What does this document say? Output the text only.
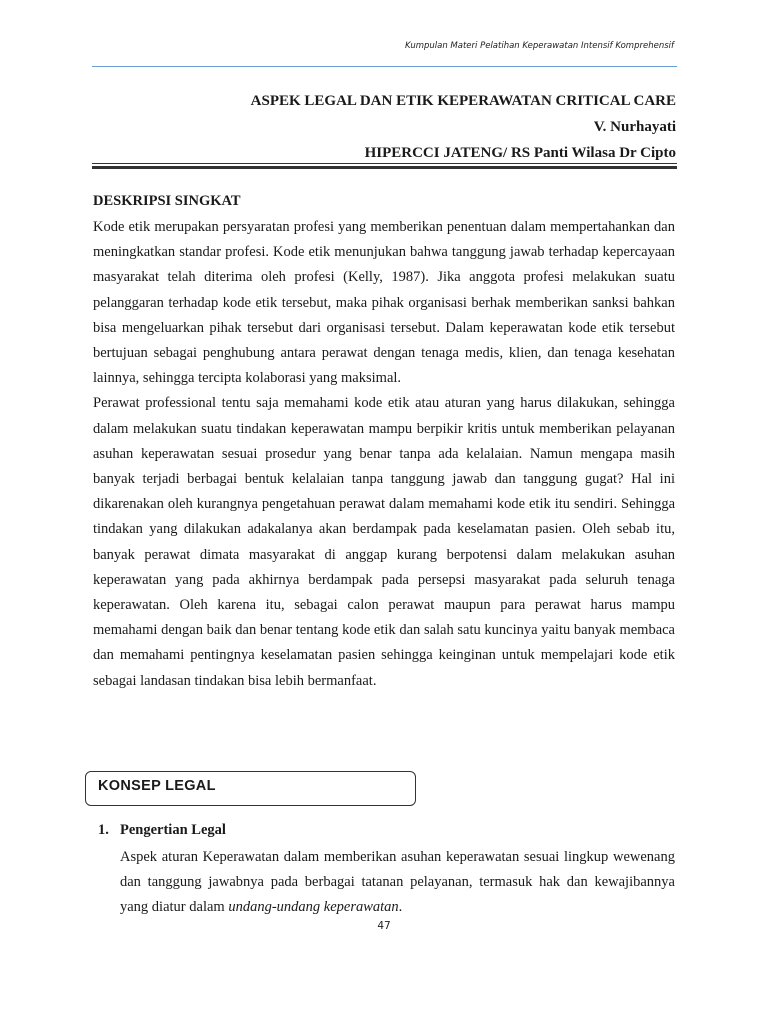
Kumpulan Materi Pelatihan Keperawatan Intensif Komprehensif
ASPEK LEGAL DAN ETIK KEPERAWATAN CRITICAL CARE
V. Nurhayati
HIPERCCI JATENG/ RS Panti Wilasa Dr Cipto
DESKRIPSI SINGKAT

Kode etik merupakan persyaratan profesi yang memberikan penentuan dalam mempertahankan dan meningkatkan standar profesi. Kode etik menunjukan bahwa tanggung jawab terhadap kepercayaan masyarakat telah diterima oleh profesi (Kelly, 1987). Jika anggota profesi melakukan suatu pelanggaran terhadap kode etik tersebut, maka pihak organisasi berhak memberikan sanksi bahkan bisa mengeluarkan pihak tersebut dari organisasi tersebut. Dalam keperawatan kode etik tersebut bertujuan sebagai penghubung antara perawat dengan tenaga medis, klien, dan tenaga kesehatan lainnya, sehingga tercipta kolaborasi yang maksimal.

Perawat professional tentu saja memahami kode etik atau aturan yang harus dilakukan, sehingga dalam melakukan suatu tindakan keperawatan mampu berpikir kritis untuk memberikan pelayanan asuhan keperawatan sesuai prosedur yang benar tanpa ada kelalaian. Namun mengapa masih banyak terjadi berbagai bentuk kelalaian tanpa tanggung jawab dan tanggung gugat? Hal ini dikarenakan oleh kurangnya pengetahuan perawat dalam memahami kode etik itu sendiri. Sehingga tindakan yang dilakukan adakalanya akan berdampak pada keselamatan pasien. Oleh sebab itu, banyak perawat dimata masyarakat di anggap kurang berpotensi dalam melakukan asuhan keperawatan yang pada akhirnya berdampak pada persepsi masyarakat pada seluruh tenaga keperawatan. Oleh karena itu, sebagai calon perawat maupun para perawat harus mampu memahami dengan baik dan benar tentang kode etik dan salah satu kuncinya yaitu banyak membaca dan memahami pentingnya keselamatan pasien sehingga keinginan untuk mempelajari kode etik sebagai landasan tindakan bisa lebih bermanfaat.

KONSEP LEGAL
1. Pengertian Legal
Aspek aturan Keperawatan dalam memberikan asuhan keperawatan sesuai lingkup wewenang dan tanggung jawabnya pada berbagai tatanan pelayanan, termasuk hak dan kewajibannya yang diatur dalam undang-undang keperawatan.
47
